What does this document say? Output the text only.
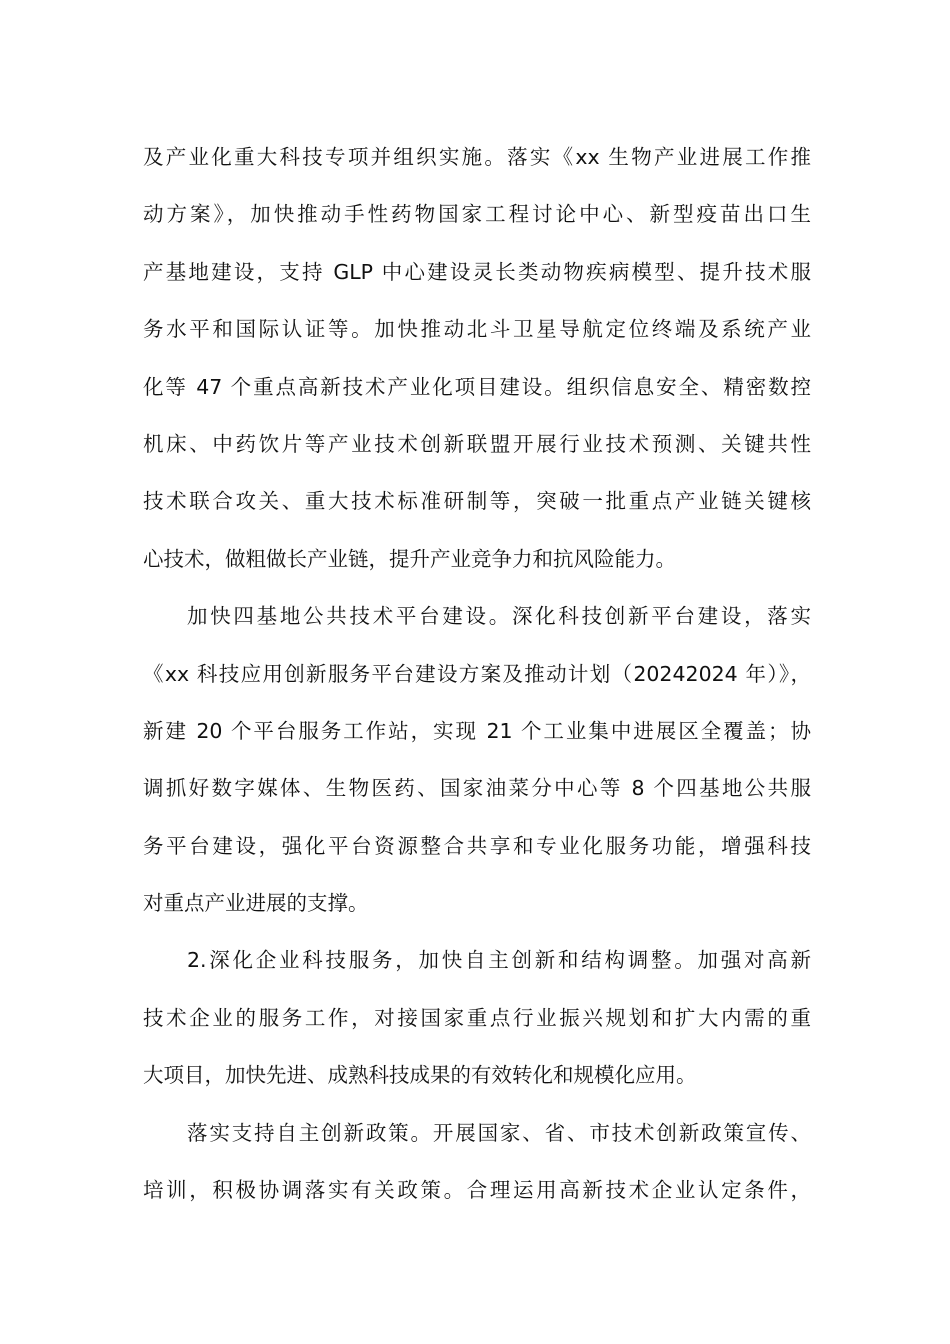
及产业化重大科技专项并组织实施。落实《xx 生物产业进展工作推
动方案》，加快推动手性药物国家工程讨论中心、新型疫苗出口生
产基地建设，支持 GLP 中心建设灵长类动物疾病模型、提升技术服
务水平和国际认证等。加快推动北斗卫星导航定位终端及系统产业
化等 47 个重点高新技术产业化项目建设。组织信息安全、精密数控
机床、中药饮片等产业技术创新联盟开展行业技术预测、关键共性
技术联合攻关、重大技术标准研制等，突破一批重点产业链关键核
心技术，做粗做长产业链，提升产业竞争力和抗风险能力。
加快四基地公共技术平台建设。深化科技创新平台建设，落实
《xx 科技应用创新服务平台建设方案及推动计划（20242024 年）》，
新建 20 个平台服务工作站，实现 21 个工业集中进展区全覆盖；协
调抓好数字媒体、生物医药、国家油菜分中心等 8 个四基地公共服
务平台建设，强化平台资源整合共享和专业化服务功能，增强科技
对重点产业进展的支撑。
2.深化企业科技服务，加快自主创新和结构调整。加强对高新
技术企业的服务工作，对接国家重点行业振兴规划和扩大内需的重
大项目，加快先进、成熟科技成果的有效转化和规模化应用。
落实支持自主创新政策。开展国家、省、市技术创新政策宣传、
培训，积极协调落实有关政策。合理运用高新技术企业认定条件，
